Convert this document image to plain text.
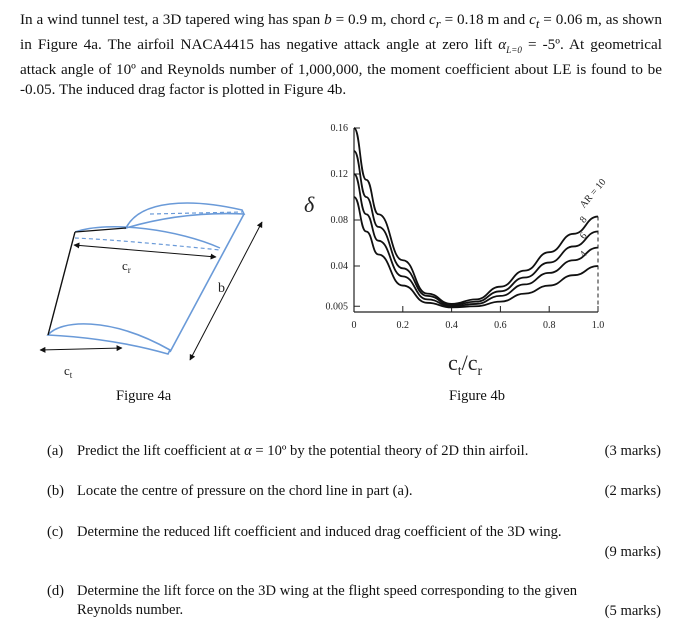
In a wind tunnel test, a 3D tapered wing has span b = 0.9 m, chord $c_r = 0.18$ m and $c_t = 0.06$ m, as shown in Figure 4a. The airfoil NACA4415 has negative attack angle at zero lift $\alpha_{L=0}$ = -5º. At geometrical attack angle of 10º and Reynolds number of 1,000,000, the moment coefficient about LE is found to be -0.05. The induced drag factor is plotted in Figure 4b.
$c_r$
b
$c_t$
Figure 4a
δ
0	0.2	0.4	0.6	0.8	1.0
0.16
0.12
0.08
0.04
0.005
AR = 10
8
6
4
$c_t/c_r$
Figure 4b
(a) Predict the lift coefficient at α = 10º by the potential theory of 2D thin airfoil.	(3 marks)
(b) Locate the centre of pressure on the chord line in part (a).	(2 marks)
(c) Determine the reduced lift coefficient and induced drag coefficient of the 3D wing.
(9 marks)
(d) Determine the lift force on the 3D wing at the flight speed corresponding to the given Reynolds number.	(5 marks)
